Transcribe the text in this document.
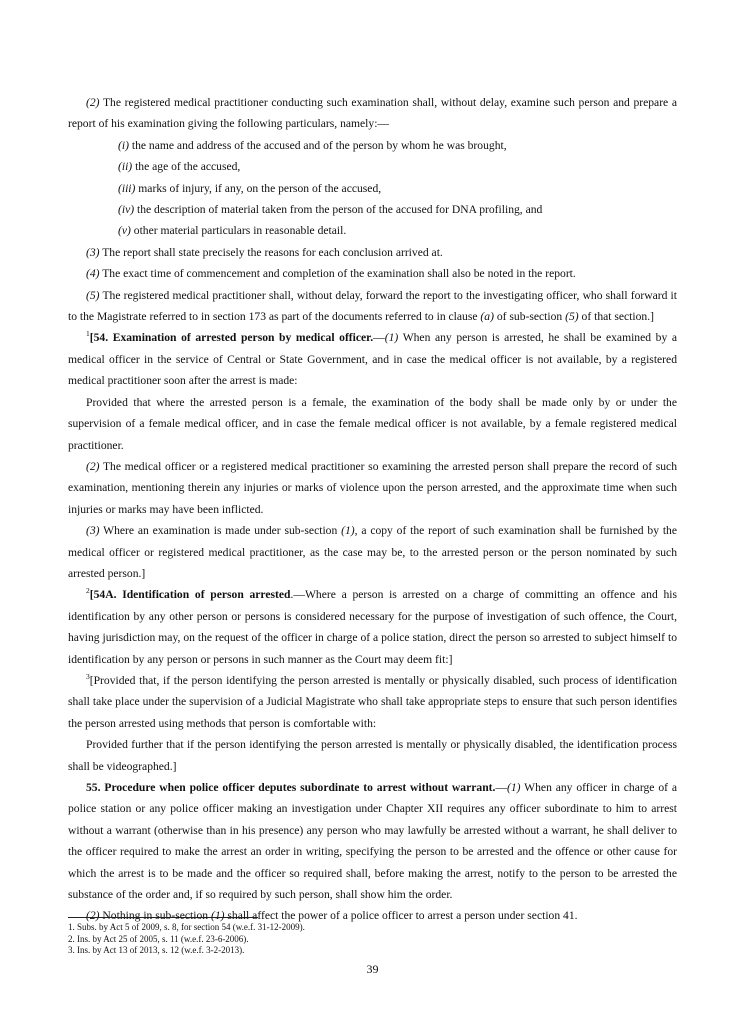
(2) The registered medical practitioner conducting such examination shall, without delay, examine such person and prepare a report of his examination giving the following particulars, namely:—

(i) the name and address of the accused and of the person by whom he was brought,

(ii) the age of the accused,

(iii) marks of injury, if any, on the person of the accused,

(iv) the description of material taken from the person of the accused for DNA profiling, and

(v) other material particulars in reasonable detail.

(3) The report shall state precisely the reasons for each conclusion arrived at.

(4) The exact time of commencement and completion of the examination shall also be noted in the report.

(5) The registered medical practitioner shall, without delay, forward the report to the investigating officer, who shall forward it to the Magistrate referred to in section 173 as part of the documents referred to in clause (a) of sub-section (5) of that section.]

$^1$[54. Examination of arrested person by medical officer.—(1) When any person is arrested, he shall be examined by a medical officer in the service of Central or State Government, and in case the medical officer is not available, by a registered medical practitioner soon after the arrest is made:

Provided that where the arrested person is a female, the examination of the body shall be made only by or under the supervision of a female medical officer, and in case the female medical officer is not available, by a female registered medical practitioner.

(2) The medical officer or a registered medical practitioner so examining the arrested person shall prepare the record of such examination, mentioning therein any injuries or marks of violence upon the person arrested, and the approximate time when such injuries or marks may have been inflicted.

(3) Where an examination is made under sub-section (1), a copy of the report of such examination shall be furnished by the medical officer or registered medical practitioner, as the case may be, to the arrested person or the person nominated by such arrested person.]

$^2$[54A. Identification of person arrested.—Where a person is arrested on a charge of committing an offence and his identification by any other person or persons is considered necessary for the purpose of investigation of such offence, the Court, having jurisdiction may, on the request of the officer in charge of a police station, direct the person so arrested to subject himself to identification by any person or persons in such manner as the Court may deem fit:]

$^3$[Provided that, if the person identifying the person arrested is mentally or physically disabled, such process of identification shall take place under the supervision of a Judicial Magistrate who shall take appropriate steps to ensure that such person identifies the person arrested using methods that person is comfortable with:

Provided further that if the person identifying the person arrested is mentally or physically disabled, the identification process shall be videographed.]

55. Procedure when police officer deputes subordinate to arrest without warrant.—(1) When any officer in charge of a police station or any police officer making an investigation under Chapter XII requires any officer subordinate to him to arrest without a warrant (otherwise than in his presence) any person who may lawfully be arrested without a warrant, he shall deliver to the officer required to make the arrest an order in writing, specifying the person to be arrested and the offence or other cause for which the arrest is to be made and the officer so required shall, before making the arrest, notify to the person to be arrested the substance of the order and, if so required by such person, shall show him the order.

(2) Nothing in sub-section (1) shall affect the power of a police officer to arrest a person under section 41.

1. Subs. by Act 5 of 2009, s. 8, for section 54 (w.e.f. 31-12-2009).
2. Ins. by Act 25 of 2005, s. 11 (w.e.f. 23-6-2006).
3. Ins. by Act 13 of 2013, s. 12 (w.e.f. 3-2-2013).
39
